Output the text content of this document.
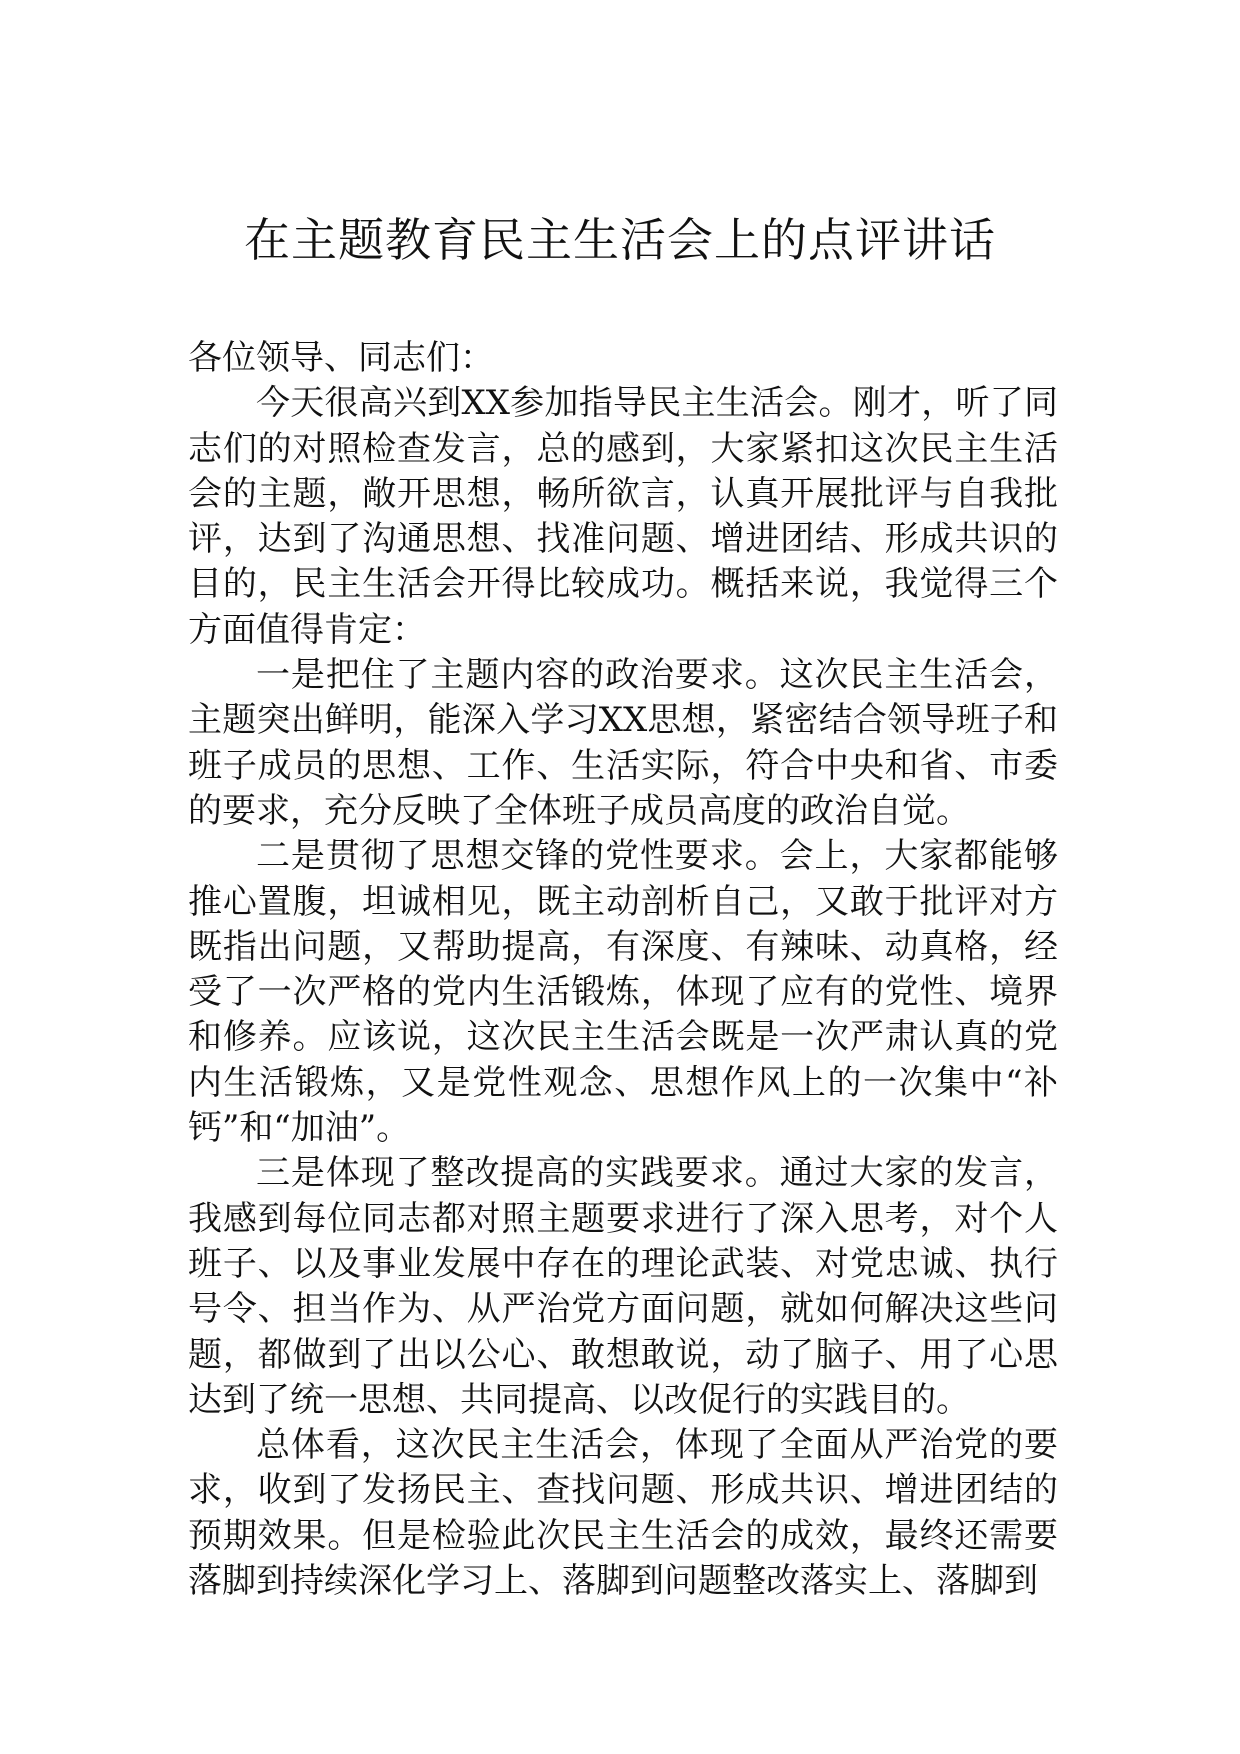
在主题教育民主生活会上的点评讲话

各位领导、同志们：

今天很高兴到XX参加指导民主生活会。刚才，听了同志们的对照检查发言，总的感到，大家紧扣这次民主生活会的主题，敞开思想，畅所欲言，认真开展批评与自我批评，达到了沟通思想、找准问题、增进团结、形成共识的目的，民主生活会开得比较成功。概括来说，我觉得三个方面值得肯定：

一是把住了主题内容的政治要求。这次民主生活会，主题突出鲜明，能深入学习XX思想，紧密结合领导班子和班子成员的思想、工作、生活实际，符合中央和省、市委的要求，充分反映了全体班子成员高度的政治自觉。

二是贯彻了思想交锋的党性要求。会上，大家都能够推心置腹，坦诚相见，既主动剖析自己，又敢于批评对方既指出问题，又帮助提高，有深度、有辣味、动真格，经受了一次严格的党内生活锻炼，体现了应有的党性、境界和修养。应该说，这次民主生活会既是一次严肃认真的党内生活锻炼，又是党性观念、思想作风上的一次集中“补钙”和“加油”。

三是体现了整改提高的实践要求。通过大家的发言，我感到每位同志都对照主题要求进行了深入思考，对个人班子、以及事业发展中存在的理论武装、对党忠诚、执行号令、担当作为、从严治党方面问题，就如何解决这些问题，都做到了出以公心、敢想敢说，动了脑子、用了心思达到了统一思想、共同提高、以改促行的实践目的。

总体看，这次民主生活会，体现了全面从严治党的要求，收到了发扬民主、查找问题、形成共识、增进团结的预期效果。但是检验此次民主生活会的成效，最终还需要落脚到持续深化学习上、落脚到问题整改落实上、落脚到
